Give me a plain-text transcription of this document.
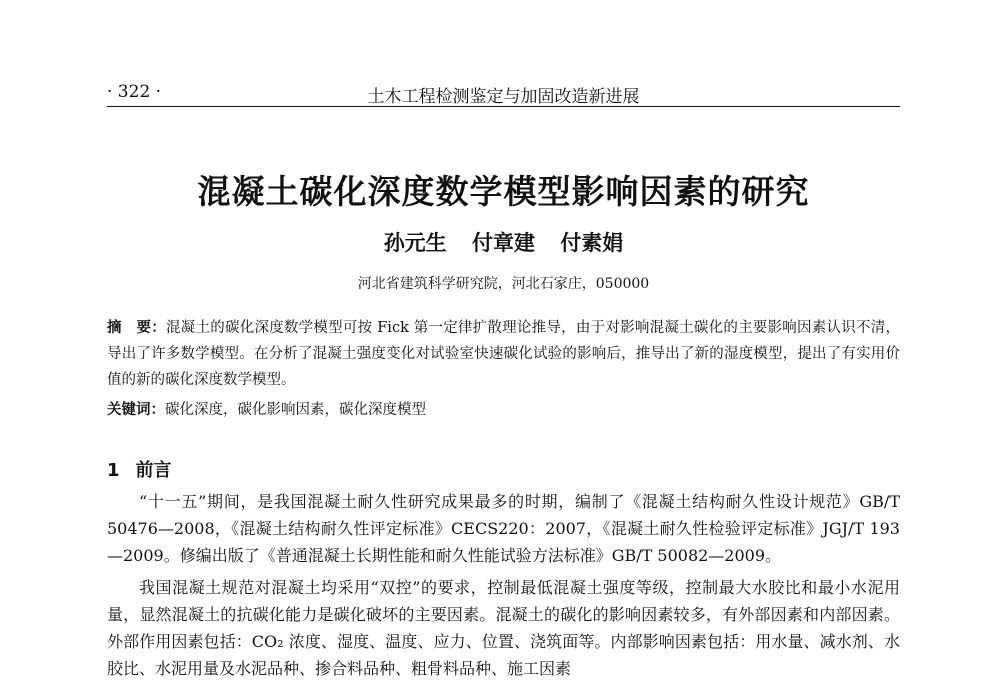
· 322 ·	土木工程检测鉴定与加固改造新进展
混凝土碳化深度数学模型影响因素的研究
孙元生 付章建 付素娟
河北省建筑科学研究院，河北石家庄，050000
摘　要：混凝土的碳化深度数学模型可按 Fick 第一定律扩散理论推导，由于对影响混凝土碳化的主要影响因素认识不清，导出了许多数学模型。在分析了混凝土强度变化对试验室快速碳化试验的影响后，推导出了新的湿度模型，提出了有实用价值的新的碳化深度数学模型。
关键词：碳化深度，碳化影响因素，碳化深度模型
1 前言

“十一五”期间，是我国混凝土耐久性研究成果最多的时期，编制了《混凝土结构耐久性设计规范》GB/T 50476—2008，《混凝土结构耐久性评定标准》CECS220：2007，《混凝土耐久性检验评定标准》JGJ/T 193—2009。修编出版了《普通混凝土长期性能和耐久性能试验方法标准》GB/T 50082—2009。

我国混凝土规范对混凝土均采用“双控”的要求，控制最低混凝土强度等级，控制最大水胶比和最小水泥用量，显然混凝土的抗碳化能力是碳化破坏的主要因素。混凝土的碳化的影响因素较多，有外部因素和内部因素。外部作用因素包括：CO₂ 浓度、湿度、温度、应力、位置、浇筑面等。内部影响因素包括：用水量、减水剂、水胶比、水泥用量及水泥品种、掺合料品种、粗骨料品种、施工因素
